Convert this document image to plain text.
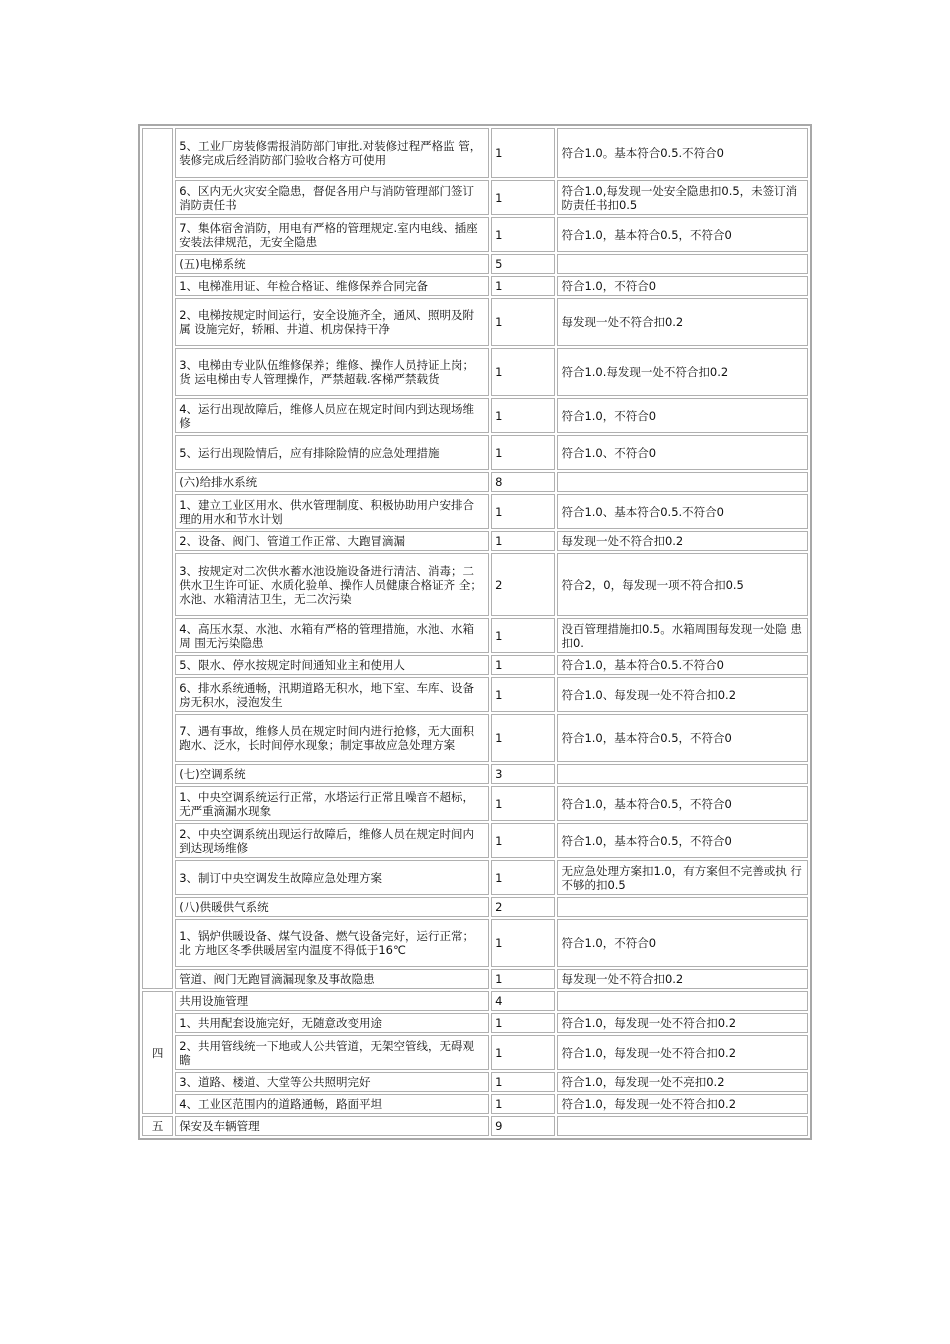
	5、工业厂房装修需报消防部门审批.对装修过程严格监 管，装修完成后经消防部门验收合格方可使用	1	符合1.0。基本符合0.5.不符合0
	6、区内无火灾安全隐患，督促各用户与消防管理部门签订 消防责任书	1	符合1.0,每发现一处安全隐患扣0.5，未签订消防责任书扣0.5
	7、集体宿舍消防，用电有严格的管理规定.室内电线、插座 安装法律规范，无安全隐患	1	符合1.0，基本符合0.5，不符合0
	(五)电梯系统	5	
	1、电梯准用证、年检合格证、维修保养合同完备	1	符合1.0，不符合0
	2、电梯按规定时间运行，安全设施齐全，通风、照明及附属 设施完好，轿厢、井道、机房保持干净	1	每发现一处不符合扣0.2
	3、电梯由专业队伍维修保养；维修、操作人员持证上岗；货 运电梯由专人管理操作，严禁超载.客梯严禁载货	1	符合1.0.每发现一处不符合扣0.2
	4、运行出现故障后，维修人员应在规定时间内到达现场维 修	1	符合1.0，不符合0
	5、运行出现险情后，应有排除险情的应急处理措施	1	符合1.0、不符合0
	(六)给排水系统	8	
	1、建立工业区用水、供水管理制度、积极协助用户安排合 理的用水和节水计划	1	符合1.0、基本符合0.5.不符合0
	2、设备、阀门、管道工作正常、大跑冒滴漏	1	每发现一处不符合扣0.2
	3、按规定对二次供水蓄水池设施设备进行清洁、消毒；二供水卫生许可证、水质化验单、操作人员健康合格证齐 全；水池、水箱清洁卫生，无二次污染	2	符合2，0，每发现一项不符合扣0.5
	4、高压水泵、水池、水箱有严格的管理措施，水池、水箱周 围无污染隐患	1	没百管理措施扣0.5。水箱周围每发现一处隐 患扣0.
	5、限水、停水按规定时间通知业主和使用人	1	符合1.0，基本符合0.5.不符合0
	6、排水系统通畅，汛期道路无积水，地下室、车库、设备房无积水，浸泡发生	1	符合1.0、每发现一处不符合扣0.2
	7、遇有事故，维修人员在规定时间内进行抢修，无大面积 跑水、泛水，长时间停水现象；制定事故应急处理方案	1	符合1.0，基本符合0.5，不符合0
	(七)空调系统	3	
	1、中央空调系统运行正常，水塔运行正常且噪音不超标， 无严重滴漏水现象	1	符合1.0，基本符合0.5，不符合0
	2、中央空调系统出现运行故障后，维修人员在规定时间内 到达现场维修	1	符合1.0，基本符合0.5，不符合0
	3、制订中央空调发生故障应急处理方案	1	无应急处理方案扣1.0，有方案但不完善或执 行不够的扣0.5
	(八)供暖供气系统	2	
	1、锅炉供暖设备、煤气设备、燃气设备完好，运行正常；北 方地区冬季供暖居室内温度不得低于16℃	1	符合1.0，不符合0
	管道、阀门无跑冒滴漏现象及事故隐患	1	每发现一处不符合扣0.2
四	共用设施管理	4	
	1、共用配套设施完好，无随意改变用途	1	符合1.0，每发现一处不符合扣0.2
	2、共用管线统一下地或人公共管道，无架空管线，无碍观 瞻	1	符合1.0，每发现一处不符合扣0.2
	3、道路、楼道、大堂等公共照明完好	1	符合1.0，每发现一处不亮扣0.2
	4、工业区范围内的道路通畅，路面平坦	1	符合1.0，每发现一处不符合扣0.2
五	保安及车辆管理	9	
